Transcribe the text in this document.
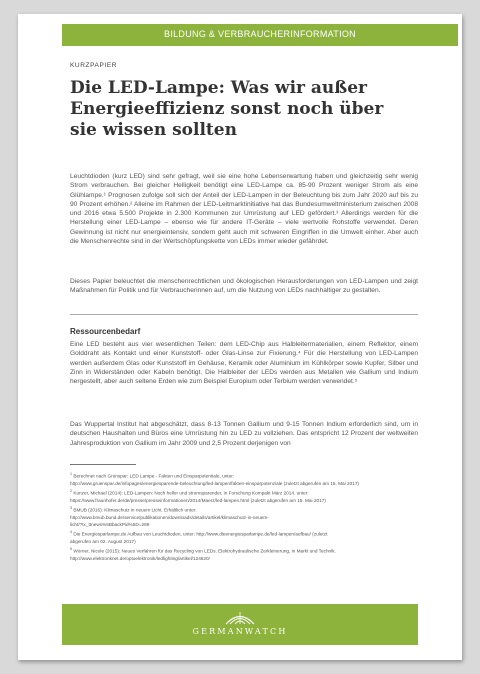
BILDUNG & VERBRAUCHERINFORMATION
KURZPAPIER
Die LED-Lampe: Was wir außer Energieeffizienz sonst noch über sie wissen sollten

Leuchtdioden (kurz LED) sind sehr gefragt, weil sie eine hohe Lebenserwartung haben und gleichzeitig sehr wenig Strom verbrauchen. Bei gleicher Helligkeit benötigt eine LED-Lampe ca. 85-90 Prozent weniger Strom als eine Glühlampe.¹ Prognosen zufolge soll sich der Anteil der LED-Lampen in der Beleuchtung bis zum Jahr 2020 auf bis zu 90 Prozent erhöhen.² Alleine im Rahmen der LED-Leitmarktinitiative hat das Bundesumweltministerium zwischen 2008 und 2016 etwa 5.500 Projekte in 2.300 Kommunen zur Umrüstung auf LED gefördert.³ Allerdings werden für die Herstellung einer LED-Lampe – ebenso wie für andere IT-Geräte – viele wertvolle Rohstoffe verwendet. Deren Gewinnung ist nicht nur energieintensiv, sondern geht auch mit schweren Eingriffen in die Umwelt einher. Aber auch die Menschenrechte sind in der Wertschöpfungskette von LEDs immer wieder gefährdet.

Dieses Papier beleuchtet die menschenrechtlichen und ökologischen Herausforderungen von LED-Lampen und zeigt Maßnahmen für Politik und für Verbraucherinnen auf, um die Nutzung von LEDs nachhaltiger zu gestalten.

Ressourcenbedarf

Eine LED besteht aus vier wesentlichen Teilen: dem LED-Chip aus Halbleitermaterialien, einem Reflektor, einem Golddraht als Kontakt und einer Kunststoff- oder Glas-Linse zur Fixierung.⁴ Für die Herstellung von LED-Lampen werden außerdem Glas oder Kunststoff im Gehäuse, Keramik oder Aluminium im Kühlkörper sowie Kupfer, Silber und Zinn in Widerständen oder Kabeln benötigt. Die Halbleiter der LEDs werden aus Metallen wie Gallium und Indium hergestellt, aber auch seltene Erden wie zum Beispiel Europium oder Terbium werden verwendet.⁵

Das Wuppertal Institut hat abgeschätzt, dass 8-13 Tonnen Gallium und 9-15 Tonnen Indium erforderlich sind, um in deutschen Haushalten und Büros eine Umrüstung hin zu LED zu vollziehen. Das entspricht 12 Prozent der weltweiten Jahresproduktion von Gallium im Jahr 2009 und 2,5 Prozent derjenigen von

$^1$ Berechnet nach Grünspar: LED Lampe - Fakten und Einsparpotentiale, unter:
http://www.gruenspar.de/infopages/energiesparende-beleuchtung/led-lampen/fakten-einsparpotenziale (zuletzt abgerufen am 15. Mai 2017)
$^2$ Kunzer, Michael (2014): LED-Lampen: Noch heller und stromsparender, in Forschung Kompakt März 2014, unter:
https://www.fraunhofer.de/de/presse/presseinformationen/2014/Maerz/led-lampen.html (zuletzt abgerufen am 15. Mai 2017)
$^3$ BMUB (2016): Klimaschutz in neuem Licht. Erhältlich unter:
http://www.bmub.bund.de/service/publikationen/downloads/details/artikel/klimaschutz-in-neuem-
licht/?tx_ttnews%5BbackPid%5D=289
$^4$ Die Energiesparlampe.de Aufbau von Leuchtdioden, unter: http://www.dieenergiesparlampe.de/led-lampen/aufbau/ (zuletzt
abgerufen am 02. August 2017)
$^5$ Wörner, Nicole (2015): Neues Verfahren für das Recycling von LEDs. Elektrohydraulische Zerkleinerung, in Markt und Technik.
http://www.elektronknet.de/optoelektronik/ledlighting/artikel/124620/
GERMANWATCH
